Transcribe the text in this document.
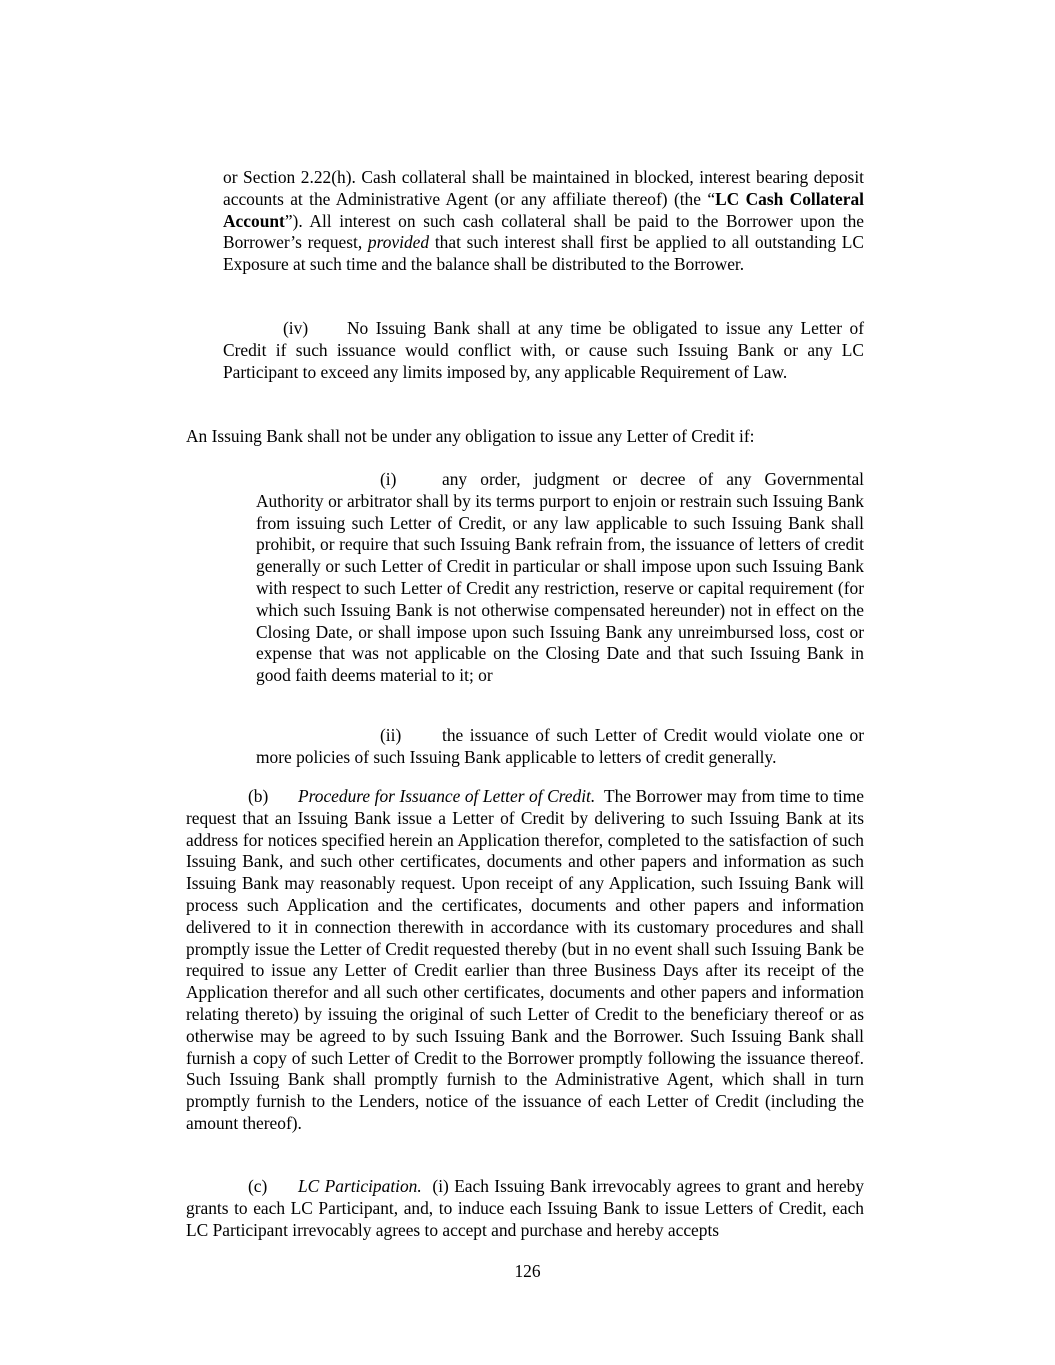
or Section 2.22(h). Cash collateral shall be maintained in blocked, interest bearing deposit accounts at the Administrative Agent (or any affiliate thereof) (the “LC Cash Collateral Account”). All interest on such cash collateral shall be paid to the Borrower upon the Borrower’s request, provided that such interest shall first be applied to all outstanding LC Exposure at such time and the balance shall be distributed to the Borrower.

(iv) No Issuing Bank shall at any time be obligated to issue any Letter of Credit if such issuance would conflict with, or cause such Issuing Bank or any LC Participant to exceed any limits imposed by, any applicable Requirement of Law.

An Issuing Bank shall not be under any obligation to issue any Letter of Credit if:

(i)	any order, judgment or decree of any Governmental Authority or arbitrator shall by its terms purport to enjoin or restrain such Issuing Bank from issuing such Letter of Credit, or any law applicable to such Issuing Bank shall prohibit, or require that such Issuing Bank refrain from, the issuance of letters of credit generally or such Letter of Credit in particular or shall impose upon such Issuing Bank with respect to such Letter of Credit any restriction, reserve or capital requirement (for which such Issuing Bank is not otherwise compensated hereunder) not in effect on the Closing Date, or shall impose upon such Issuing Bank any unreimbursed loss, cost or expense that was not applicable on the Closing Date and that such Issuing Bank in good faith deems material to it; or

(ii) the issuance of such Letter of Credit would violate one or more policies of such Issuing Bank applicable to letters of credit generally.

(b) Procedure for Issuance of Letter of Credit. The Borrower may from time to time request that an Issuing Bank issue a Letter of Credit by delivering to such Issuing Bank at its address for notices specified herein an Application therefor, completed to the satisfaction of such Issuing Bank, and such other certificates, documents and other papers and information as such Issuing Bank may reasonably request. Upon receipt of any Application, such Issuing Bank will process such Application and the certificates, documents and other papers and information delivered to it in connection therewith in accordance with its customary procedures and shall promptly issue the Letter of Credit requested thereby (but in no event shall such Issuing Bank be required to issue any Letter of Credit earlier than three Business Days after its receipt of the Application therefor and all such other certificates, documents and other papers and information relating thereto) by issuing the original of such Letter of Credit to the beneficiary thereof or as otherwise may be agreed to by such Issuing Bank and the Borrower. Such Issuing Bank shall furnish a copy of such Letter of Credit to the Borrower promptly following the issuance thereof. Such Issuing Bank shall promptly furnish to the Administrative Agent, which shall in turn promptly furnish to the Lenders, notice of the issuance of each Letter of Credit (including the amount thereof).

(c) LC Participation. (i) Each Issuing Bank irrevocably agrees to grant and hereby grants to each LC Participant, and, to induce each Issuing Bank to issue Letters of Credit, each LC Participant irrevocably agrees to accept and purchase and hereby accepts

126
